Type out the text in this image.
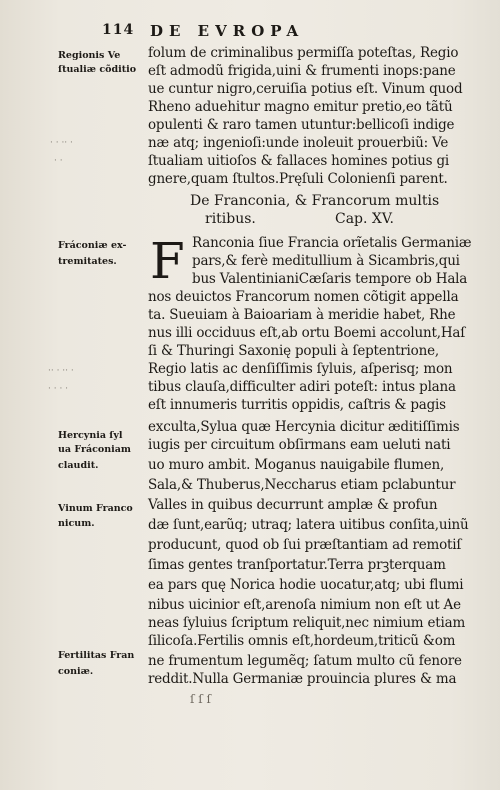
114 DE EVROPA
Regionis Ve
ſtualiæ cõditio
Fráconiæ ex-
tremitates.
Hercynia ſyl
ua Fráconiam
claudit.
Vinum Franco
nicum.
Fertilitas Fran
coniæ.
· · ·· ·
· ·
·· · ·· ·
· · · ·
folum de criminalibus permiſſa poteſtas, Regio
eſt admodũ frigida,uini & frumenti inops:pane
ue cuntur nigro,ceruiſia potius eſt. Vinum quod
Rheno aduehitur magno emitur pretio,eo tãtũ
opulenti & raro tamen utuntur:bellicoſi indige
næ atq; ingenioſi:unde inoleuit prouerbiũ: Ve
ſtualiam uitioſos & fallaces homines potius gi
gnere,quam ſtultos.Pręſuli Colonienſi parent.
De Franconia, & Francorum multis
ritibus.	Cap. XV.
F Ranconia ſiue Francia orĩetalis Germaniæ
pars,& ferè meditullium à Sicambris,qui
bus ValentinianiCæſaris tempore ob Hala
nos deuictos Francorum nomen cõtigit appella
ta. Sueuiam à Baioariam à meridie habet, Rhe
nus illi occiduus eſt,ab ortu Boemi accolunt,Haſ
ſi & Thuringi Saxonię populi à ſeptentrione,
Regio latis ac denſiſſimis ſyluis, aſperisq; mon
tibus clauſa,difficulter adiri poteſt: intus plana
eſt innumeris turritis oppidis, caſtris & pagis
exculta,Sylua quæ Hercynia dicitur æditiſſimis
iugis per circuitum obſirmans eam ueluti nati
uo muro ambit. Moganus nauigabile flumen,
Sala,& Thuberus,Neccharus etiam pclabuntur
Valles in quibus decurrunt amplæ & profun
dæ ſunt,earũq; utraq; latera uitibus conſita,uinũ
producunt, quod ob ſui præſtantiam ad remotiſ
ſimas gentes tranſportatur.Terra prꝫterquam
ea pars quę Norica hodie uocatur,atq; ubi flumi
nibus uicinior eſt,arenoſa nimium non eſt ut Ae
neas ſyluius ſcriptum reliquit,nec nimium etiam
ſilicoſa.Fertilis omnis eſt,hordeum,triticũ &om
ne frumentum legumẽq; ſatum multo cũ fenore
reddit.Nulla Germaniæ prouincia plures & ma
ſ ſ ſ
